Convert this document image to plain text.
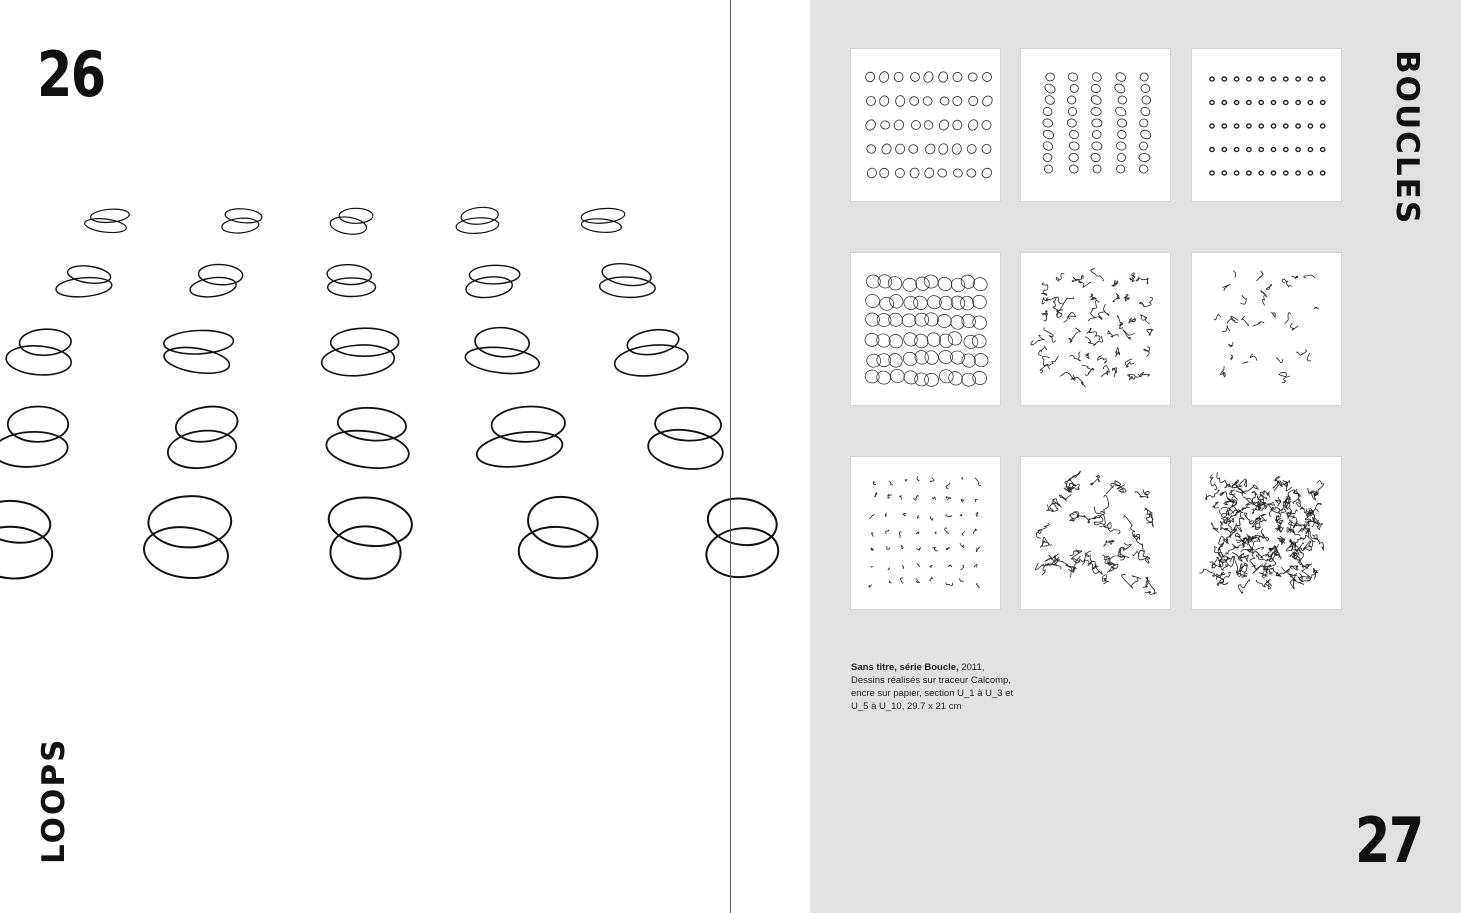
26
LOOPS
BOUCLES
27
Sans titre, série Boucle, 2011,
Dessins réalisés sur traceur Calcomp,
encre sur papier, section U_1 à U_3 et
U_5 à U_10, 29.7 x 21 cm
